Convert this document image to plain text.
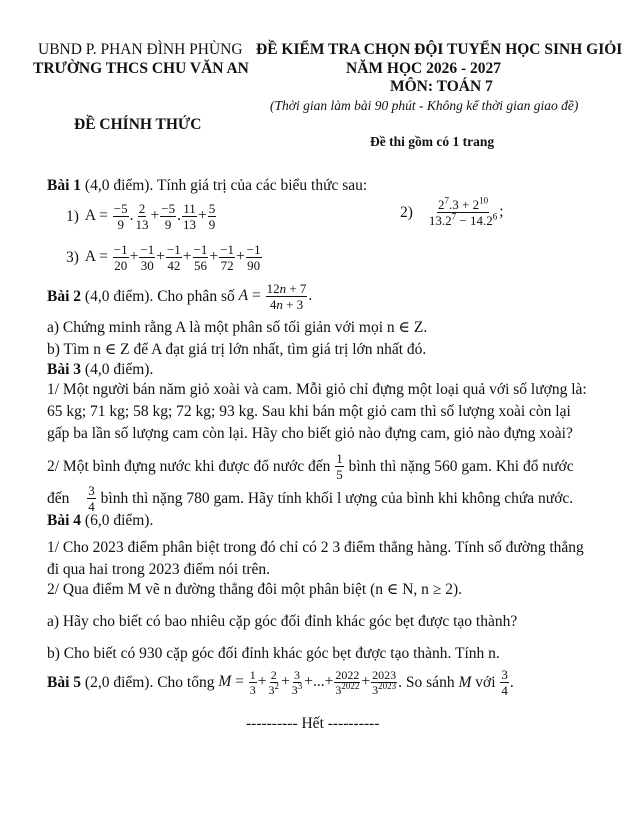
UBND P. PHAN ĐÌNH PHÙNG
TRƯỜNG THCS CHU VĂN AN
ĐỀ KIỂM TRA CHỌN ĐỘI TUYỂN HỌC SINH GIỎI
NĂM HỌC 2026 - 2027
MÔN: TOÁN 7
(Thời gian làm bài 90 phút - Không kể thời gian giao đề)
ĐỀ CHÍNH THỨC
Đề thi gồm có 1 trang
Bài 1 (4,0 điểm). Tính giá trị của các biểu thức sau:
1) $A = \frac{-5}{9}$ . $\frac{2}{13} + \frac{-5}{9}$ . $\frac{11}{13} + \frac{5}{9}$	$2) \frac{2^7.3 + 2^{10}}{13.2^7 - 14.2^6}$ ;
3) $A = \frac{-1}{20} + \frac{-1}{30} + \frac{-1}{42} + \frac{-1}{56} + \frac{-1}{72} + \frac{-1}{90}$
Bài 2 (4,0 điểm). Cho phân số $A = \frac{12n + 7}{4n + 3}$ .
a) Chứng minh rằng A là một phân số tối giản với mọi n ∈ Z.
b) Tìm n ∈ Z để A đạt giá trị lớn nhất, tìm giá trị lớn nhất đó.
Bài 3 (4,0 điểm).
1/ Một người bán năm giỏ xoài và cam. Mỗi giỏ chỉ đựng một loại quả với số lượng là:
65 kg; 71 kg; 58 kg; 72 kg; 93 kg. Sau khi bán một giỏ cam thì số lượng xoài còn lại
gấp ba lần số lượng cam còn lại. Hãy cho biết giỏ nào đựng cam, giỏ nào đựng xoài?
2/ Một bình đựng nước khi được đổ nước đến $\frac{1}{5}$ bình thì nặng 560 gam. Khi đổ nước
đến $\frac{3}{4}$ bình thì nặng 780 gam. Hãy tính khối l ượng của bình khi không chứa nước.
Bài 4 (6,0 điểm).
1/ Cho 2023 điểm phân biệt trong đó chỉ có 2 3 điểm thẳng hàng. Tính số đường thẳng
đi qua hai trong 2023 điểm nói trên.
2/ Qua điểm M vẽ n đường thẳng đôi một phân biệt (n ∈ N, n ≥ 2).
a) Hãy cho biết có bao nhiêu cặp góc đối đỉnh khác góc bẹt được tạo thành?
b) Cho biết có 930 cặp góc đối đỉnh khác góc bẹt được tạo thành. Tính n.
Bài 5 (2,0 điểm). Cho tổng $M = \frac{1}{3} + \frac{2}{3^2} + \frac{3}{3^3}$ +...+ $\frac{2022}{3^{2022}} + \frac{2023}{3^{2023}}$ . So sánh M với $\frac{3}{4}$ .
---------- Hết ----------
